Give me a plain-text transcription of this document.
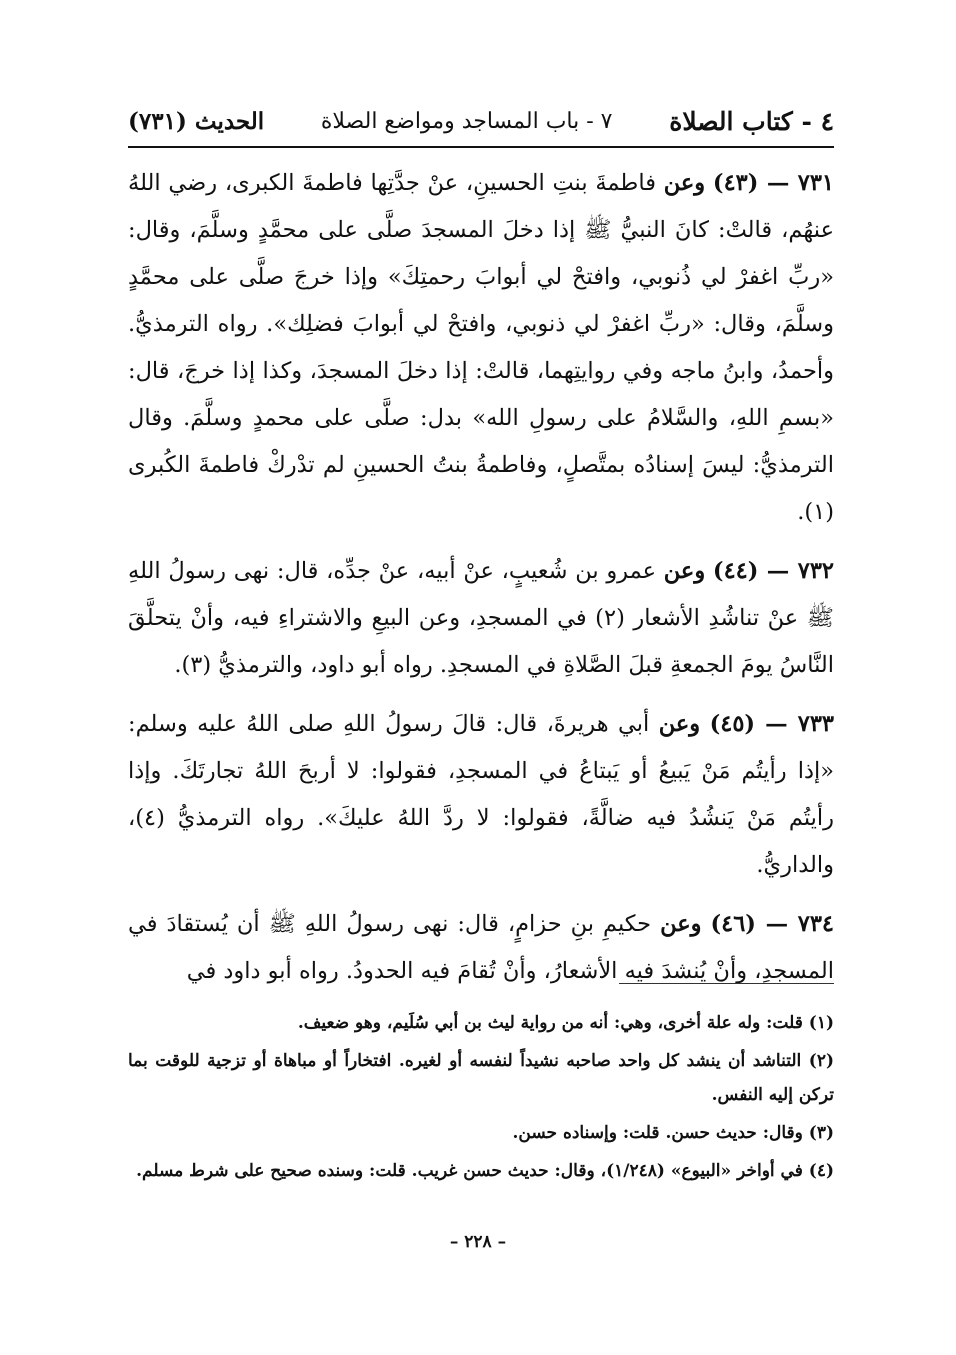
٤ - كتاب الصلاة
٧ - باب المساجد ومواضع الصلاة
الحديث (٧٣١)

٧٣١ — (٤٣) وعن فاطمةَ بنتِ الحسينِ، عنْ جدَّتِها فاطمةَ الكبرى، رضي اللهُ عنهُم، قالتْ: كانَ النبيُّ ﷺ إذا دخلَ المسجدَ صلَّى على محمَّدٍ وسلَّمَ، وقال: «ربِّ اغفرْ لي ذُنوبي، وافتحْ لي أبوابَ رحمتِكَ» وإذا خرجَ صلَّى على محمَّدٍ وسلَّمَ، وقال: «ربِّ اغفرْ لي ذنوبي، وافتحْ لي أبوابَ فضلِك». رواه الترمذيُّ. وأحمدُ، وابنُ ماجه وفي روايتِهما، قالتْ: إذا دخلَ المسجدَ، وكذا إذا خرجَ، قال: «بسمِ اللهِ، والسَّلامُ على رسولِ الله» بدل: صلَّى على محمدٍ وسلَّمَ. وقال الترمذيُّ: ليسَ إسنادُه بمتَّصلٍ، وفاطمةُ بنتُ الحسينِ لم تدْركْ فاطمةَ الكُبرى (١).

٧٣٢ — (٤٤) وعن عمرو بن شُعيبٍ، عنْ أبيه، عنْ جدِّه، قال: نهى رسولُ اللهِ ﷺ عنْ تناشُدِ الأشعار (٢) في المسجدِ، وعن البيعِ والاشتراءِ فيه، وأنْ يتحلَّقَ النَّاسُ يومَ الجمعةِ قبلَ الصَّلاةِ في المسجدِ. رواه أبو داود، والترمذيُّ (٣).

٧٣٣ — (٤٥) وعن أبي هريرةَ، قال: قالَ رسولُ اللهِ صلى اللهُ عليه وسلم: «إذا رأيتُم مَنْ يَبيعُ أو يَبتاعُ في المسجدِ، فقولوا: لا أربحَ اللهُ تجارتَكَ. وإذا رأيتُم مَنْ يَنشُدُ فيه ضالَّةً، فقولوا: لا ردَّ اللهُ عليكَ». رواه الترمذيُّ (٤)، والداريُّ.

٧٣٤ — (٤٦) وعن حكيمِ بنِ حزامٍ، قال: نهى رسولُ اللهِ ﷺ أن يُستقادَ في المسجدِ، وأنْ يُنشدَ فيه الأشعارُ، وأنْ تُقامَ فيه الحدودُ. رواه أبو داود في

(١) قلت: وله علة أخرى، وهي: أنه من رواية ليث بن أبي سُلَيم، وهو ضعيف.

(٢) التناشد أن ينشد كل واحد صاحبه نشيداً لنفسه أو لغيره. افتخاراً أو مباهاة أو تزجية للوقت بما تركن إليه النفس.

(٣) وقال: حديث حسن. قلت: وإسناده حسن.

(٤) في أواخر «البيوع» (١/٢٤٨)، وقال: حديث حسن غريب. قلت: وسنده صحيح على شرط مسلم.

– ٢٢٨ –
